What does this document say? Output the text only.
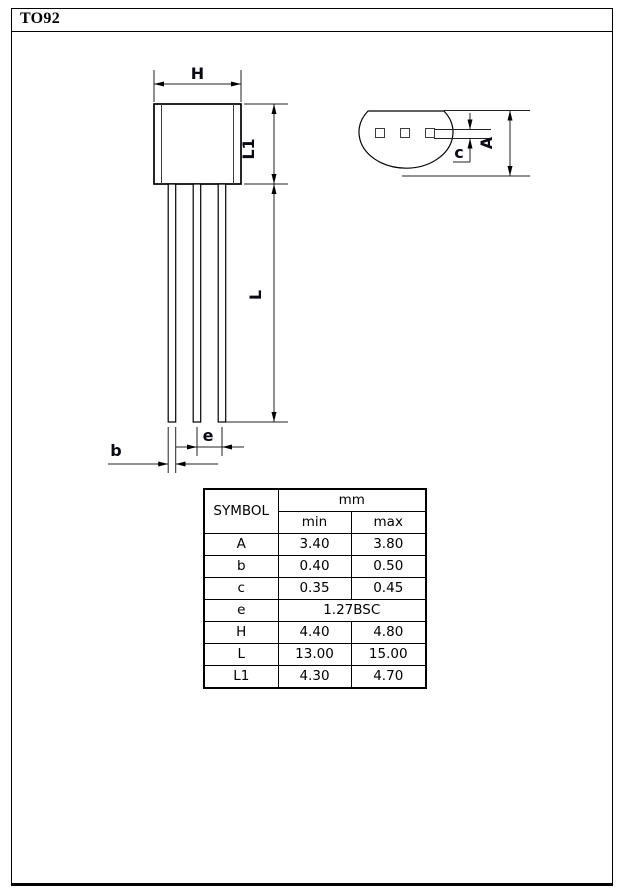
TO92
H
L1
L
e
b
c A
SYMBOL	mm	
	min	max
A	3.40	3.80
b	0.40	0.50
c	0.35	0.45
e	1.27BSC	
H	4.40	4.80
L	13.00	15.00
L1	4.30	4.70
